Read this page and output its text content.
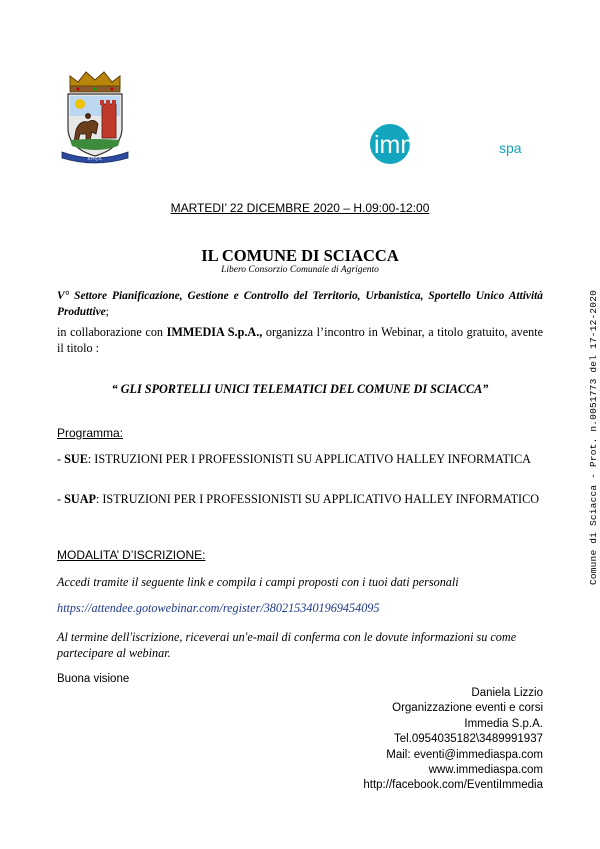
S.P.Q.S.	immedia spa
MARTEDI’ 22 DICEMBRE 2020 – H.09:00-12:00
IL COMUNE DI SCIACCA
Libero Consorzio Comunale di Agrigento
V° Settore Pianificazione, Gestione e Controllo del Territorio, Urbanistica, Sportello Unico Attività Produttive;
in collaborazione con IMMEDIA S.p.A., organizza l’incontro in Webinar, a titolo gratuito, avente il titolo :
“ GLI SPORTELLI UNICI TELEMATICI DEL COMUNE DI SCIACCA”
Programma:
- SUE: ISTRUZIONI PER I PROFESSIONISTI SU APPLICATIVO HALLEY INFORMATICA
- SUAP: ISTRUZIONI PER I PROFESSIONISTI SU APPLICATIVO HALLEY INFORMATICO
MODALITA’ D’ISCRIZIONE:
Accedi tramite il seguente link e compila i campi proposti con i tuoi dati personali
https://attendee.gotowebinar.com/register/3802153401969454095
Al termine dell'iscrizione, riceverai un'e-mail di conferma con le dovute informazioni su come partecipare al webinar.
Buona visione
Daniela Lizzio
Organizzazione eventi e corsi
Immedia S.p.A.
Tel.0954035182\3489991937
Mail: eventi@immediaspa.com
www.immediaspa.com
http://facebook.com/EventiImmedia
Comune di Sciacca - Prot. n.0051773 del 17-12-2020
